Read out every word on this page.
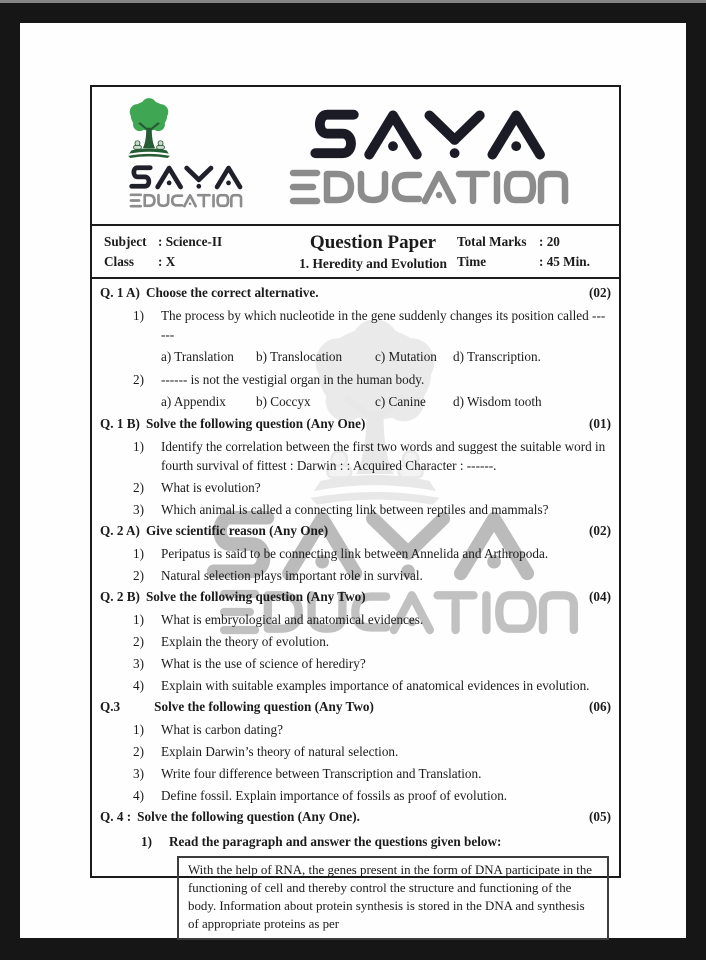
Subject : Science-II
Class	: X
Question Paper
1. Heredity and Evolution
Total Marks : 20
Time	: 45 Min.
Q. 1 A) Choose the correct alternative.	(02)
1)	The process by which nucleotide in the gene suddenly changes its position called ------
a) Translation	b) Translocation	c) Mutation	d) Transcription.
2)	------ is not the vestigial organ in the human body.
a) Appendix	b) Coccyx	c) Canine	d) Wisdom tooth
Q. 1 B) Solve the following question (Any One)	(01)
1)	Identify the correlation between the first two words and suggest the suitable word in fourth survival of fittest : Darwin : : Acquired Character : ------.
2)	What is evolution?
3)	Which animal is called a connecting link between reptiles and mammals?
Q. 2 A) Give scientific reason (Any One)	(02)
1)	Peripatus is said to be connecting link between Annelida and Arthropoda.
2)	Natural selection plays important role in survival.
Q. 2 B) Solve the following question (Any Two)	(04)
1)	What is embryological and anatomical evidences.
2)	Explain the theory of evolution.
3)	What is the use of science of herediry?
4)	Explain with suitable examples importance of anatomical evidences in evolution.
Q.3	Solve the following question (Any Two)	(06)
1)	What is carbon dating?
2)	Explain Darwin’s theory of natural selection.
3)	Write four difference between Transcription and Translation.
4)	Define fossil. Explain importance of fossils as proof of evolution.
Q. 4 : Solve the following question (Any One).	(05)
1)	Read the paragraph and answer the questions given below:
With the help of RNA, the genes present in the form of DNA participate in the functioning of cell and thereby control the structure and functioning of the body. Information about protein synthesis is stored in the DNA and synthesis of appropriate proteins as per
